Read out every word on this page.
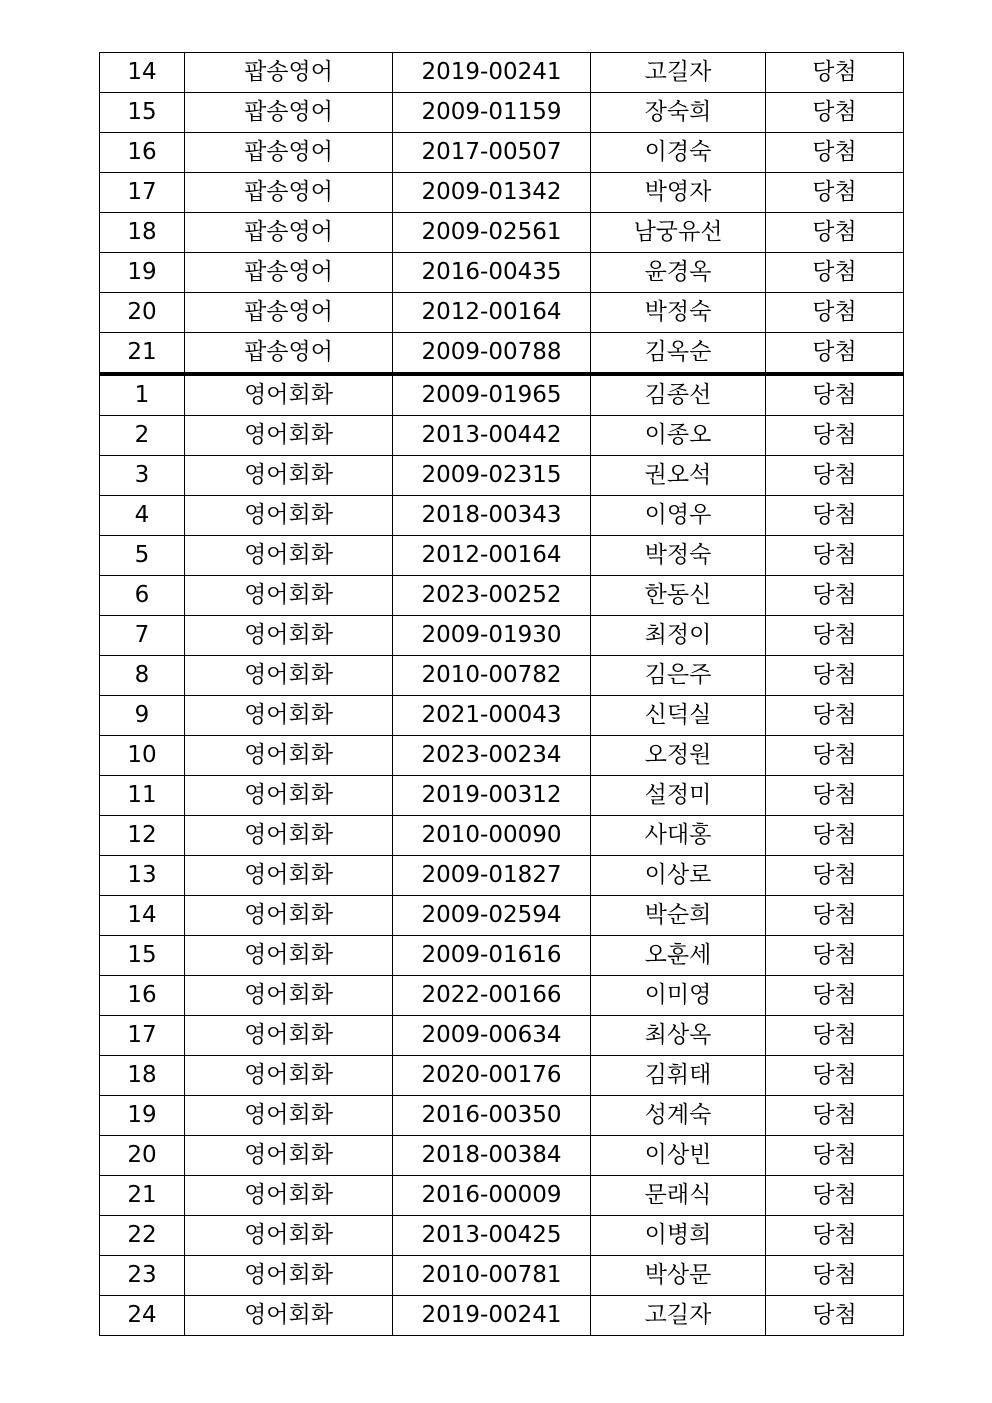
14	팝송영어	2019-00241	고길자	당첨
15	팝송영어	2009-01159	장숙희	당첨
16	팝송영어	2017-00507	이경숙	당첨
17	팝송영어	2009-01342	박영자	당첨
18	팝송영어	2009-02561	남궁유선	당첨
19	팝송영어	2016-00435	윤경옥	당첨
20	팝송영어	2012-00164	박정숙	당첨
21	팝송영어	2009-00788	김옥순	당첨
1	영어회화	2009-01965	김종선	당첨
2	영어회화	2013-00442	이종오	당첨
3	영어회화	2009-02315	권오석	당첨
4	영어회화	2018-00343	이영우	당첨
5	영어회화	2012-00164	박정숙	당첨
6	영어회화	2023-00252	한동신	당첨
7	영어회화	2009-01930	최정이	당첨
8	영어회화	2010-00782	김은주	당첨
9	영어회화	2021-00043	신덕실	당첨
10	영어회화	2023-00234	오정원	당첨
11	영어회화	2019-00312	설정미	당첨
12	영어회화	2010-00090	사대홍	당첨
13	영어회화	2009-01827	이상로	당첨
14	영어회화	2009-02594	박순희	당첨
15	영어회화	2009-01616	오훈세	당첨
16	영어회화	2022-00166	이미영	당첨
17	영어회화	2009-00634	최상옥	당첨
18	영어회화	2020-00176	김휘태	당첨
19	영어회화	2016-00350	성계숙	당첨
20	영어회화	2018-00384	이상빈	당첨
21	영어회화	2016-00009	문래식	당첨
22	영어회화	2013-00425	이병희	당첨
23	영어회화	2010-00781	박상문	당첨
24	영어회화	2019-00241	고길자	당첨
